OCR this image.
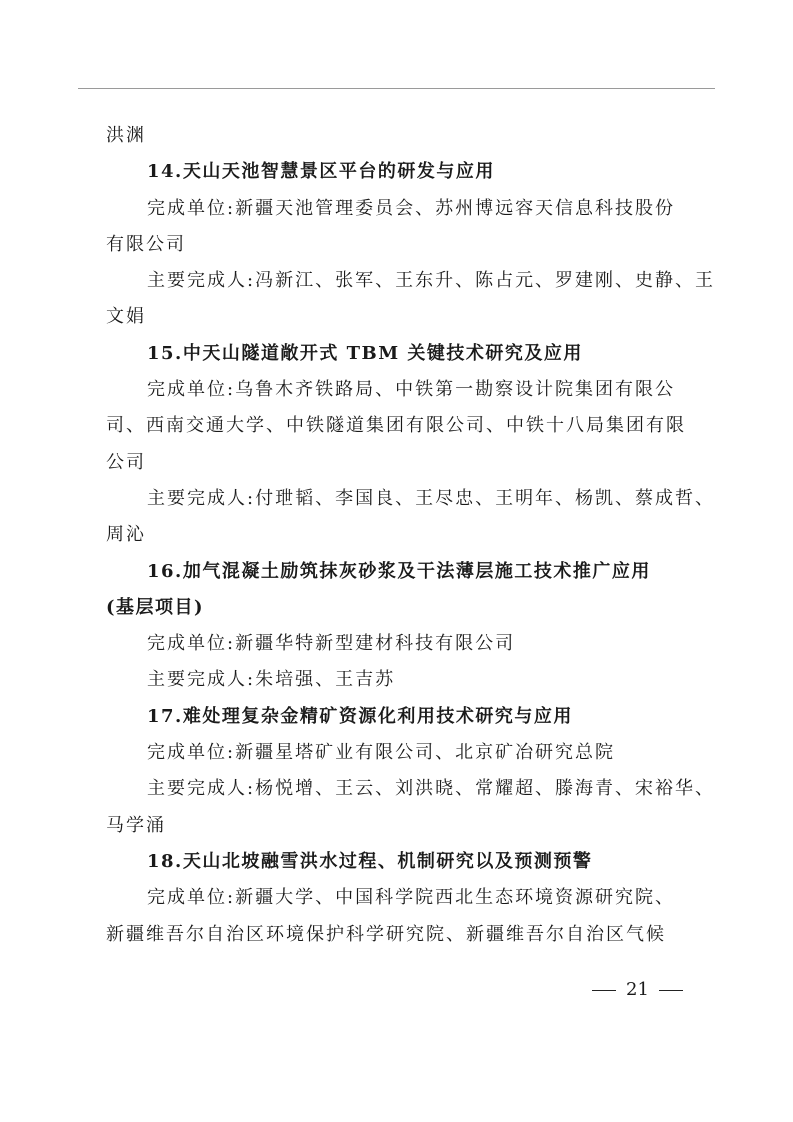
洪渊
14.天山天池智慧景区平台的研发与应用
完成单位:新疆天池管理委员会、苏州博远容天信息科技股份
有限公司
主要完成人:冯新江、张军、王东升、陈占元、罗建刚、史静、王
文娟
15.中天山隧道敞开式 TBM 关键技术研究及应用
完成单位:乌鲁木齐铁路局、中铁第一勘察设计院集团有限公
司、西南交通大学、中铁隧道集团有限公司、中铁十八局集团有限
公司
主要完成人:付玴韬、李国良、王尽忠、王明年、杨凯、蔡成哲、
周沁
16.加气混凝土励筑抹灰砂浆及干法薄层施工技术推广应用
(基层项目)
完成单位:新疆华特新型建材科技有限公司
主要完成人:朱培强、王吉苏
17.难处理复杂金精矿资源化利用技术研究与应用
完成单位:新疆星塔矿业有限公司、北京矿冶研究总院
主要完成人:杨悦增、王云、刘洪晓、常耀超、滕海青、宋裕华、
马学涌
18.天山北坡融雪洪水过程、机制研究以及预测预警
完成单位:新疆大学、中国科学院西北生态环境资源研究院、
新疆维吾尔自治区环境保护科学研究院、新疆维吾尔自治区气候
21
